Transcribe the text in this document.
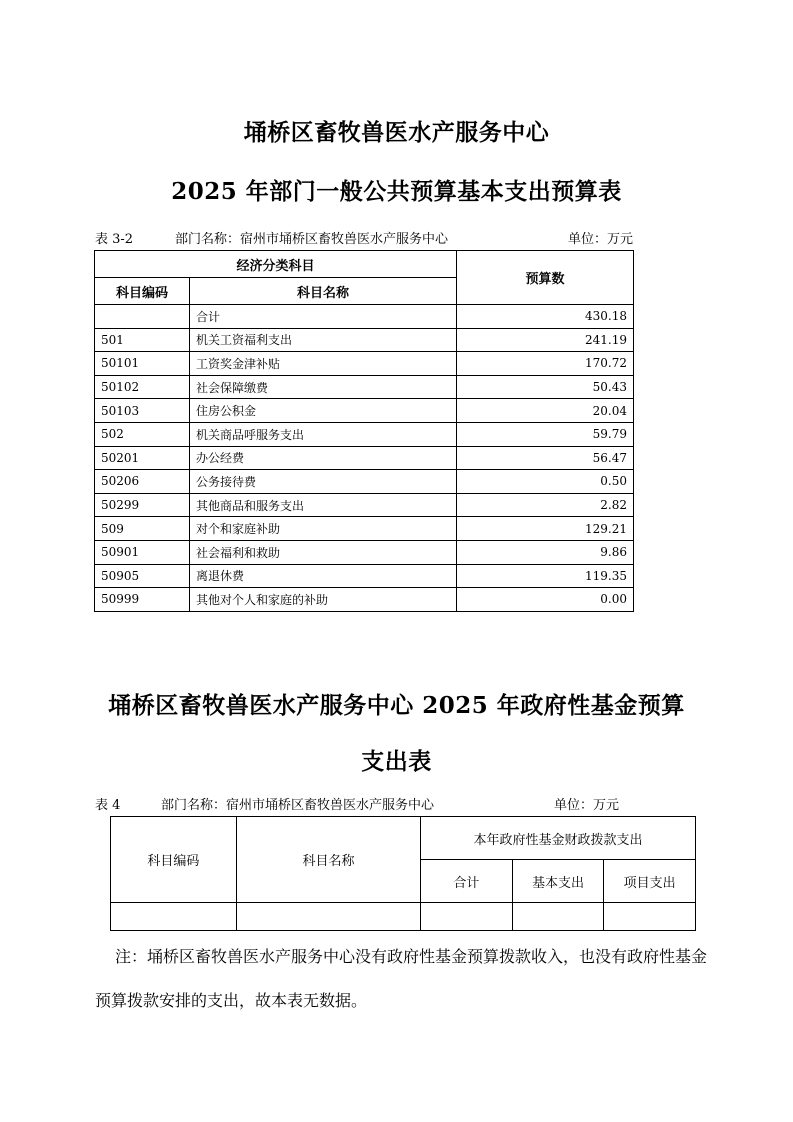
埇桥区畜牧兽医水产服务中心
2025 年部门一般公共预算基本支出预算表
表 3-2	部门名称：宿州市埇桥区畜牧兽医水产服务中心	单位：万元
经济分类科目		预算数
科目编码	科目名称	
	合计	430.18
501	机关工资福利支出	241.19
50101	工资奖金津补贴	170.72
50102	社会保障缴费	50.43
50103	住房公积金	20.04
502	机关商品呼服务支出	59.79
50201	办公经费	56.47
50206	公务接待费	0.50
50299	其他商品和服务支出	2.82
509	对个和家庭补助	129.21
50901	社会福利和救助	9.86
50905	离退休费	119.35
50999	其他对个人和家庭的补助	0.00
埇桥区畜牧兽医水产服务中心 2025 年政府性基金预算
支出表
表 4	部门名称：宿州市埇桥区畜牧兽医水产服务中心	单位：万元
科目编码	科目名称	本年政府性基金财政拨款支出		
		合计	基本支出	项目支出

注：埇桥区畜牧兽医水产服务中心没有政府性基金预算拨款收入，也没有政府性基金预算拨款安排的支出，故本表无数据。
